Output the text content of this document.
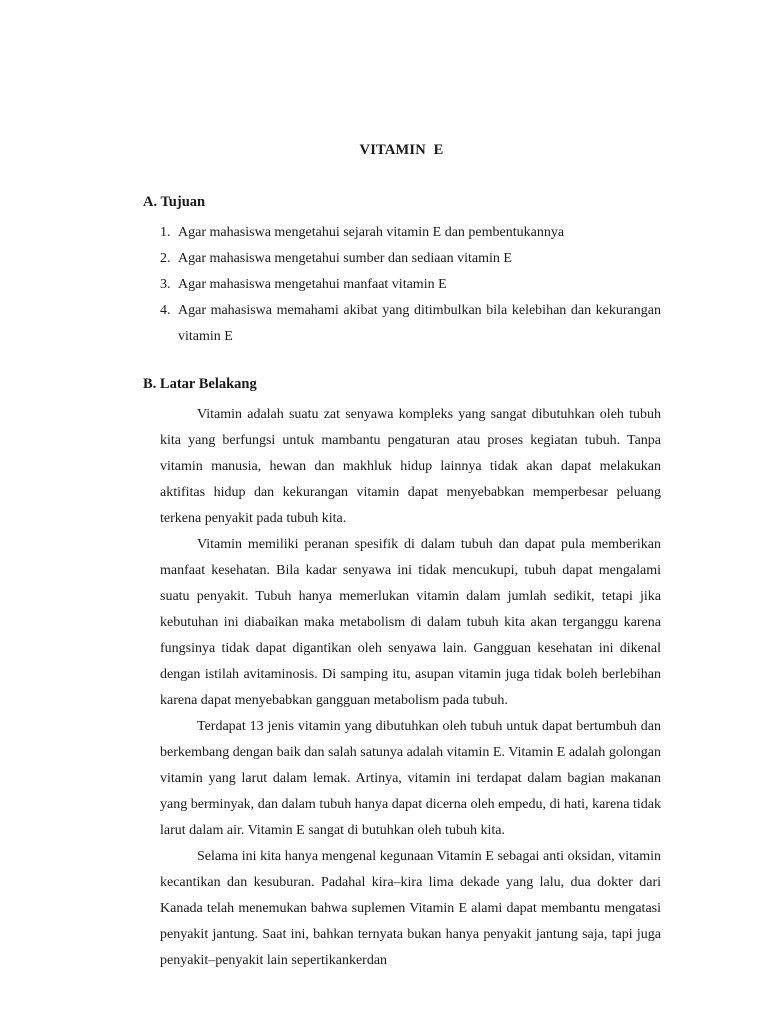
VITAMIN  E
A. Tujuan
1. Agar mahasiswa mengetahui sejarah vitamin E dan pembentukannya
2. Agar mahasiswa mengetahui sumber dan sediaan vitamin E
3. Agar mahasiswa mengetahui manfaat vitamin E
4. Agar mahasiswa memahami akibat yang ditimbulkan bila kelebihan dan kekurangan vitamin E
B. Latar Belakang

Vitamin adalah suatu zat senyawa kompleks yang sangat dibutuhkan oleh tubuh kita yang berfungsi untuk mambantu pengaturan atau proses kegiatan tubuh. Tanpa vitamin manusia, hewan dan makhluk hidup lainnya tidak akan dapat melakukan aktifitas hidup dan kekurangan vitamin dapat menyebabkan memperbesar peluang terkena penyakit pada tubuh kita.

Vitamin memiliki peranan spesifik di dalam tubuh dan dapat pula memberikan manfaat kesehatan. Bila kadar senyawa ini tidak mencukupi, tubuh dapat mengalami suatu penyakit. Tubuh hanya memerlukan vitamin dalam jumlah sedikit, tetapi jika kebutuhan ini diabaikan maka metabolism di dalam tubuh kita akan terganggu karena fungsinya tidak dapat digantikan oleh senyawa lain. Gangguan kesehatan ini dikenal dengan istilah avitaminosis. Di samping itu, asupan vitamin juga tidak boleh berlebihan karena dapat menyebabkan gangguan metabolism pada tubuh.

Terdapat 13 jenis vitamin yang dibutuhkan oleh tubuh untuk dapat bertumbuh dan berkembang dengan baik dan salah satunya adalah vitamin E. Vitamin E adalah golongan vitamin yang larut dalam lemak. Artinya, vitamin ini terdapat dalam bagian makanan yang berminyak, dan dalam tubuh hanya dapat dicerna oleh empedu, di hati, karena tidak larut dalam air. Vitamin E sangat di butuhkan oleh tubuh kita.

Selama ini kita hanya mengenal kegunaan Vitamin E sebagai anti oksidan, vitamin kecantikan dan kesuburan. Padahal kira–kira lima dekade yang lalu, dua dokter dari Kanada telah menemukan bahwa suplemen Vitamin E alami dapat membantu mengatasi penyakit jantung. Saat ini, bahkan ternyata bukan hanya penyakit jantung saja, tapi juga penyakit–penyakit lain sepertikankerdan
